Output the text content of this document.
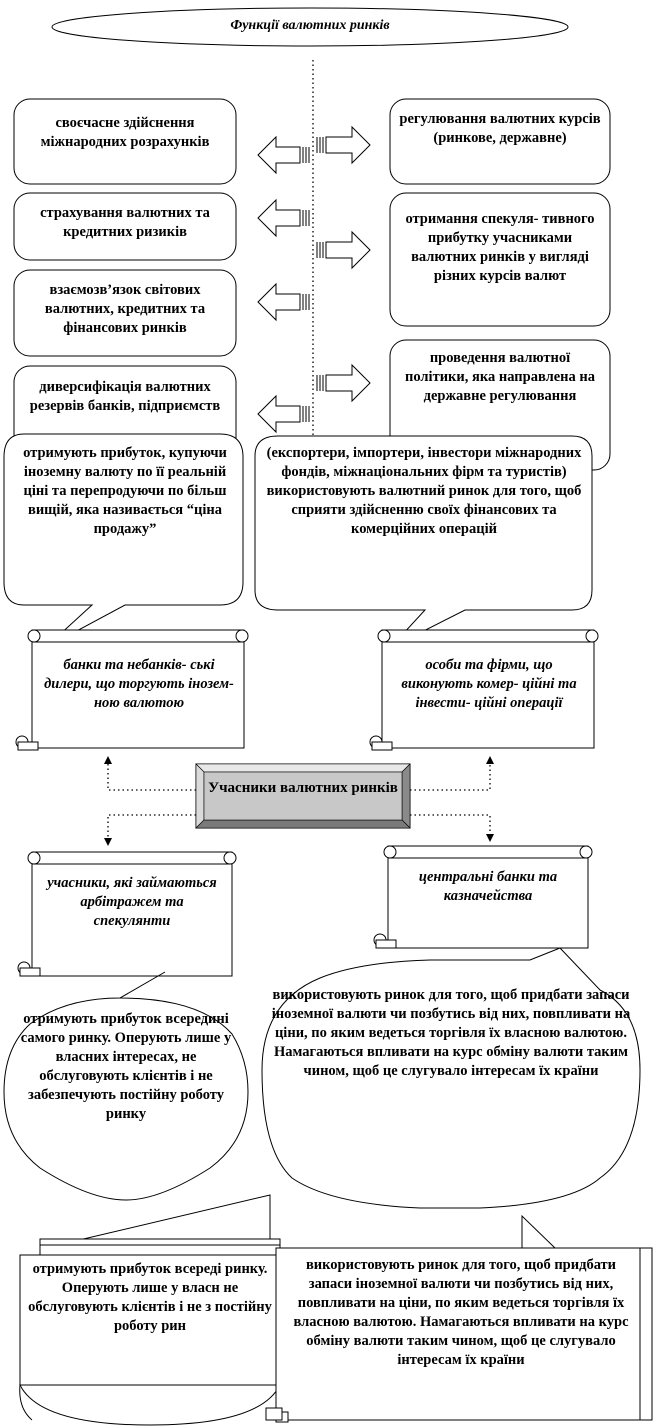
Функції валютних ринків
своєчасне здійснення міжнародних розрахунків
страхування валютних та кредитних ризиків
взаємозв’язок світових валютних, кредитних та фінансових ринків
диверсифікація валютних резервів банків, підприємств
регулювання валютних курсів (ринкове, державне)
отримання спекуля- тивного прибутку учасниками валютних ринків у вигляді різних курсів валют
проведення валютної політики, яка направлена на державне регулювання
отримують прибуток, купуючи іноземну валюту по її реальній ціні та перепродуючи по більш вищій, яка називається “ціна продажу”
(експортери, імпортери, інвестори міжнародних фондів, міжнаціональних фірм та туристів) використовують валютний ринок для того, щоб сприяти здійсненню своїх фінансових та комерційних операцій
банки та небанків- ські дилери, що торгують інозем- ною валютою
особи та фірми, що виконують комер- ційні та інвести- ційні операції
Учасники валютних ринків
учасники, які займаються арбітражем та спекулянти
центральні банки та казначейства
отримують прибуток всередині самого ринку. Оперують лише у власних інтересах, не обслуговують клієнтів і не забезпечують постійну роботу ринку
використовують ринок для того, щоб придбати запаси іноземної валюти чи позбутись від них, повпливати на ціни, по яким ведеться торгівля їх власною валютою. Намагаються впливати на курс обміну валюти таким чином, щоб це слугувало інтересам їх країни
отримують прибуток всереді ринку. Оперують лише у власн не обслуговують клієнтів і не з постійну роботу рин
використовують ринок для того, щоб придбати запаси іноземної валюти чи позбутись від них, повпливати на ціни, по яким ведеться торгівля їх власною валютою. Намагаються впливати на курс обміну валюти таким чином, щоб це слугувало інтересам їх країни
